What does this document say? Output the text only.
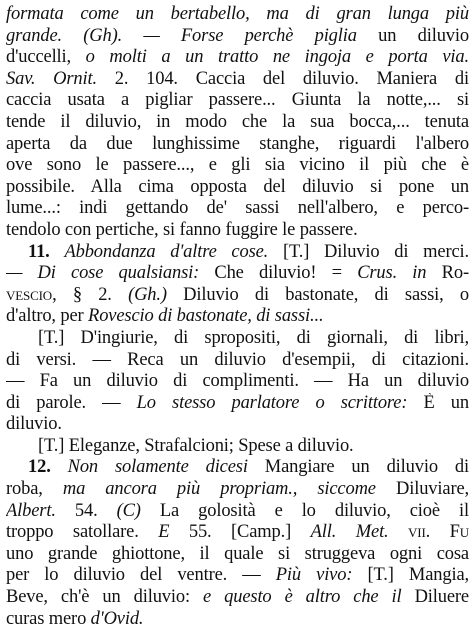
formata come un bertabello, ma di gran lunga più
grande. (Gh). — Forse perchè piglia un diluvio
d'uccelli, o molti a un tratto ne ingoja e porta via.
Sav. Ornit. 2. 104. Caccia del diluvio. Maniera di
caccia usata a pigliar passere... Giunta la notte,... si
tende il diluvio, in modo che la sua bocca,... tenuta
aperta da due lunghissime stanghe, riguardi l'albero
ove sono le passere..., e gli sia vicino il più che è
possibile. Alla cima opposta del diluvio si pone un
lume...: indi gettando de' sassi nell'albero, e perco-
tendolo con pertiche, si fanno fuggire le passere.
11. Abbondanza d'altre cose. [T.] Diluvio di merci.
— Di cose qualsiansi: Che diluvio! = Crus. in Ro-
vescio, § 2. (Gh.) Diluvio di bastonate, di sassi, o
d'altro, per Rovescio di bastonate, di sassi...
[T.] D'ingiurie, di spropositi, di giornali, di libri,
di versi. — Reca un diluvio d'esempii, di citazioni.
— Fa un diluvio di complimenti. — Ha un diluvio
di parole. — Lo stesso parlatore o scrittore: È un
diluvio.
[T.] Eleganze, Strafalcioni; Spese a diluvio.
12. Non solamente dicesi Mangiare un diluvio di
roba, ma ancora più propriam., siccome Diluviare,
Albert. 54. (C) La golosità e lo diluvio, cioè il
troppo satollare. E 55. [Camp.] All. Met. vii. Fu
uno grande ghiottone, il quale si struggeva ogni cosa
per lo diluvio del ventre. — Più vivo: [T.] Mangia,
Beve, ch'è un diluvio: e questo è altro che il Diluere
curas mero d'Ovid.
